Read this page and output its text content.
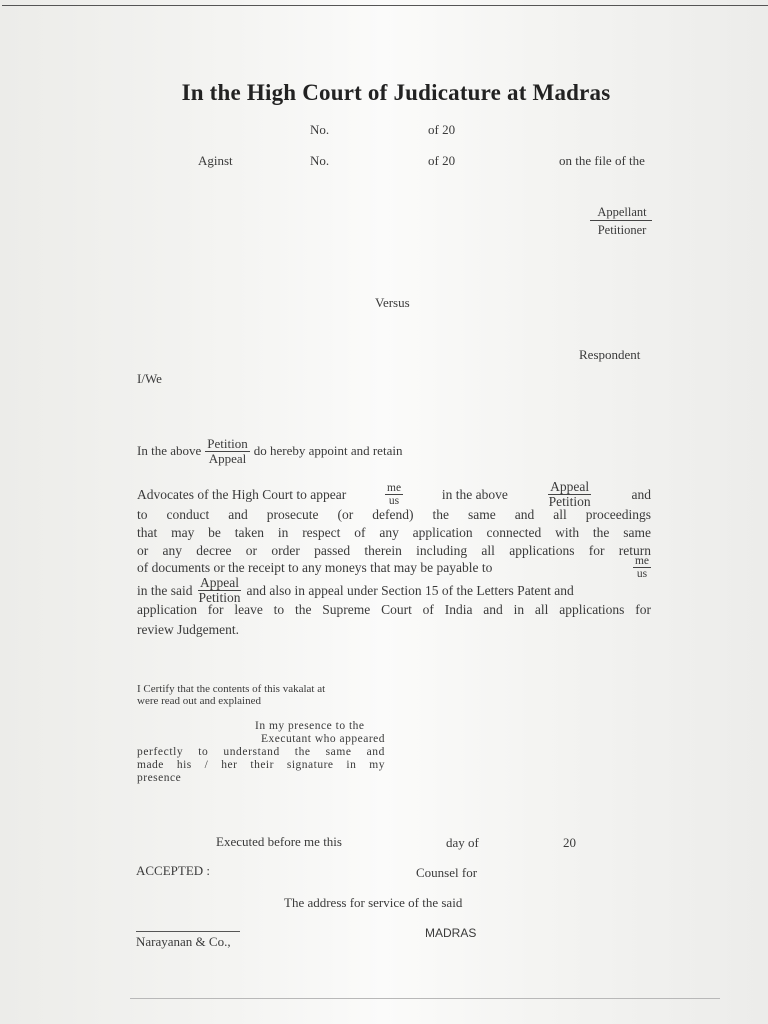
In the High Court of Judicature at Madras
No.	of 20
Aginst	No.	of 20	on the file of the
Appellant
Petitioner
Versus
Respondent
I/We
In the above $\frac{\text{Petition}}{\text{Appeal}}$ do hereby appoint and retain
Advocates of the High Court to appear	$\frac{me}{us}$	in the above	$\frac{\text{Appeal}}{\text{Petition}}$	and
to conduct and prosecute (or defend) the same and all proceedings
that may be taken in respect of any application connected with the same
or any decree or order passed therein including all applications for return
of documents or the receipt to any moneys that may be payable to	$\frac{me}{us}$
in the said $\frac{\text{Appeal}}{\text{Petition}}$ and also in appeal under Section 15 of the Letters Patent and
application for leave to the Supreme Court of India and in all applications for
review Judgement.
I Certify that the contents of this vakalat at
were read out and explained
In my presence to the
Executant who appeared
perfectly to understand the same and
made his / her their signature in my
presence
Executed before me this	day of	20
ACCEPTED :	Counsel for
The address for service of the said
Narayanan & Co.,
MADRAS
